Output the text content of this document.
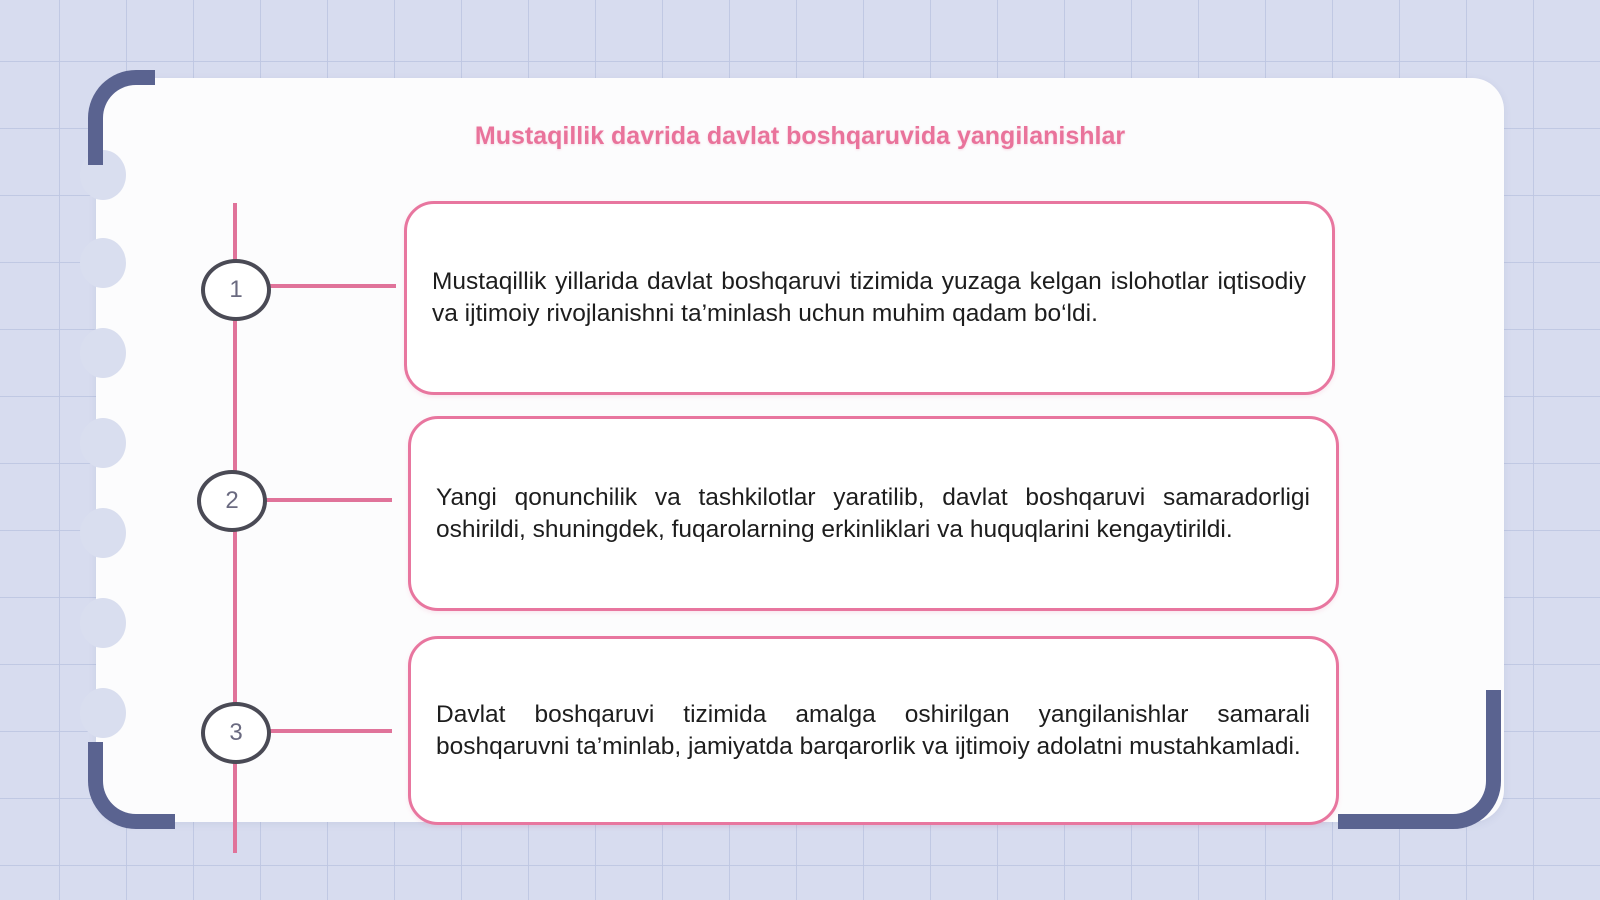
Mustaqillik davrida davlat boshqaruvida yangilanishlar
1
2
3

Mustaqillik yillarida davlat boshqaruvi tizimida yuzaga kelgan islohotlar iqtisodiy va ijtimoiy rivojlanishni ta’minlash uchun muhim qadam bo‘ldi.

Yangi qonunchilik va tashkilotlar yaratilib, davlat boshqaruvi samaradorligi oshirildi, shuningdek, fuqarolarning erkinliklari va huquqlarini kengaytirildi.

Davlat boshqaruvi tizimida amalga oshirilgan yangilanishlar samarali boshqaruvni ta’minlab, jamiyatda barqarorlik va ijtimoiy adolatni mustahkamladi.
